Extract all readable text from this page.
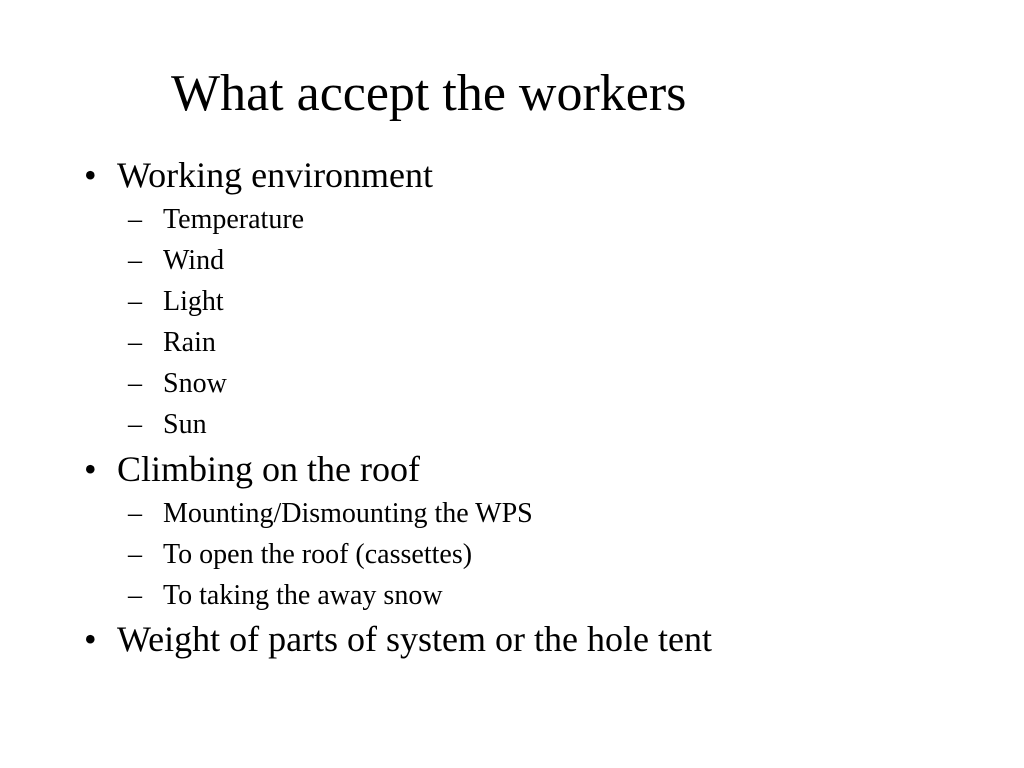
What accept the workers
• Working environment
– Temperature
– Wind
– Light
– Rain
– Snow
– Sun
• Climbing on the roof
– Mounting/Dismounting the WPS
– To open the roof (cassettes)
– To taking the away snow
• Weight of parts of system or the hole tent
